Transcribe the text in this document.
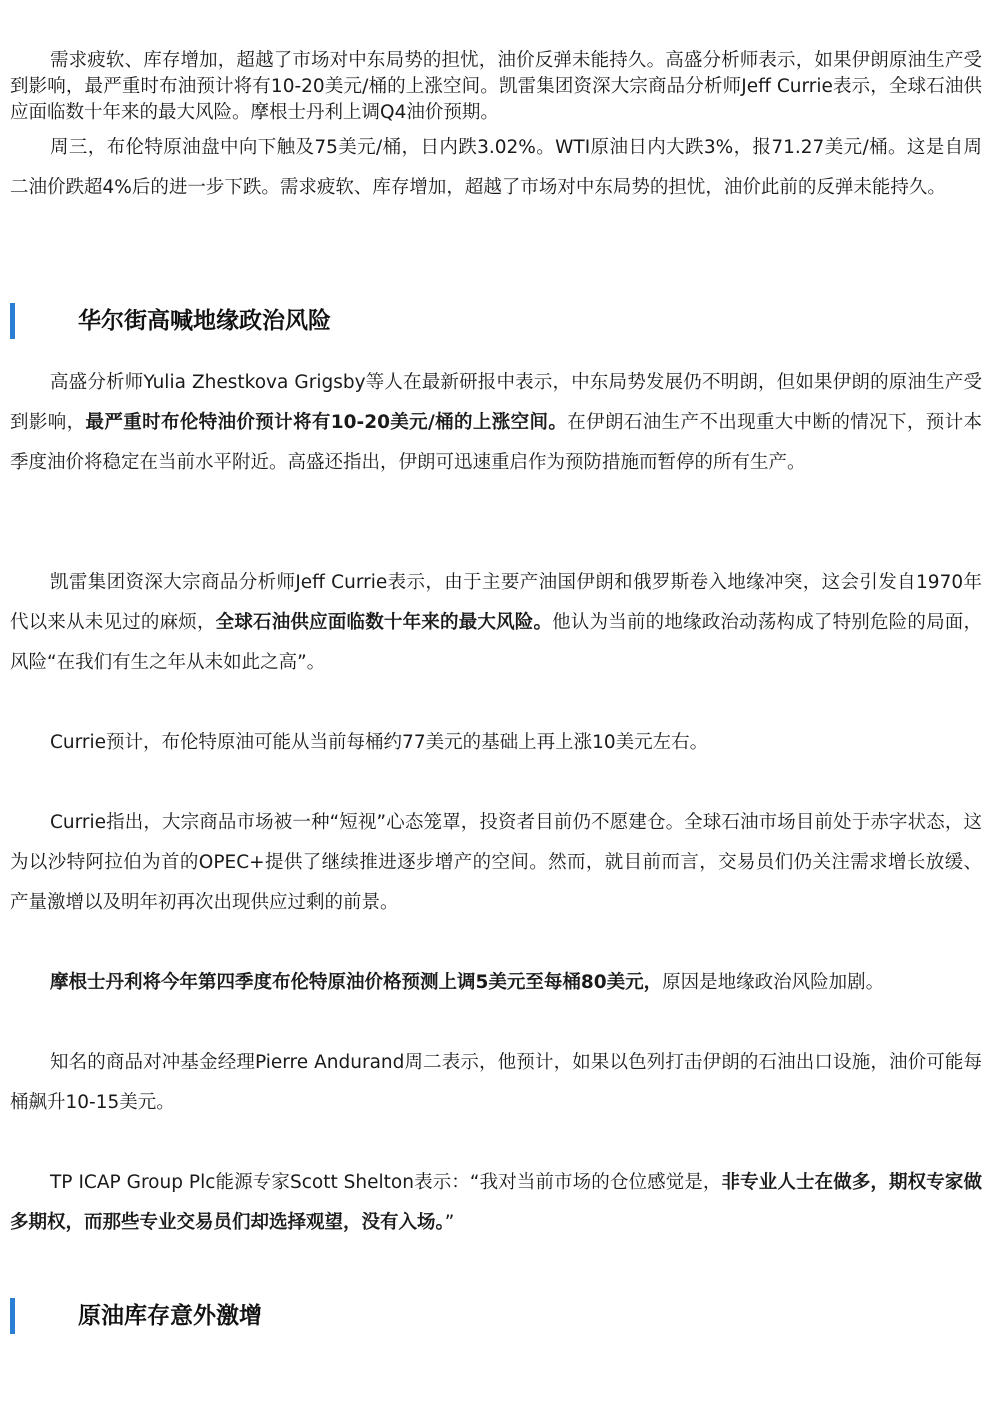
需求疲软、库存增加，超越了市场对中东局势的担忧，油价反弹未能持久。高盛分析师表示，如果伊朗原油生产受到影响，最严重时布油预计将有10-20美元/桶的上涨空间。凯雷集团资深大宗商品分析师Jeff Currie表示，全球石油供应面临数十年来的最大风险。摩根士丹利上调Q4油价预期。

周三，布伦特原油盘中向下触及75美元/桶，日内跌3.02%。WTI原油日内大跌3%，报71.27美元/桶。这是自周二油价跌超4%后的进一步下跌。需求疲软、库存增加，超越了市场对中东局势的担忧，油价此前的反弹未能持久。

华尔街高喊地缘政治风险

高盛分析师Yulia Zhestkova Grigsby等人在最新研报中表示，中东局势发展仍不明朗，但如果伊朗的原油生产受到影响，最严重时布伦特油价预计将有10-20美元/桶的上涨空间。在伊朗石油生产不出现重大中断的情况下，预计本季度油价将稳定在当前水平附近。高盛还指出，伊朗可迅速重启作为预防措施而暂停的所有生产。

凯雷集团资深大宗商品分析师Jeff Currie表示，由于主要产油国伊朗和俄罗斯卷入地缘冲突，这会引发自1970年代以来从未见过的麻烦，全球石油供应面临数十年来的最大风险。他认为当前的地缘政治动荡构成了特别危险的局面，风险“在我们有生之年从未如此之高”。

Currie预计，布伦特原油可能从当前每桶约77美元的基础上再上涨10美元左右。

Currie指出，大宗商品市场被一种“短视”心态笼罩，投资者目前仍不愿建仓。全球石油市场目前处于赤字状态，这为以沙特阿拉伯为首的OPEC+提供了继续推进逐步增产的空间。然而，就目前而言，交易员们仍关注需求增长放缓、产量激增以及明年初再次出现供应过剩的前景。

摩根士丹利将今年第四季度布伦特原油价格预测上调5美元至每桶80美元，原因是地缘政治风险加剧。

知名的商品对冲基金经理Pierre Andurand周二表示，他预计，如果以色列打击伊朗的石油出口设施，油价可能每桶飙升10-15美元。

TP ICAP Group Plc能源专家Scott Shelton表示：“我对当前市场的仓位感觉是，非专业人士在做多，期权专家做多期权，而那些专业交易员们却选择观望，没有入场。”

原油库存意外激增
